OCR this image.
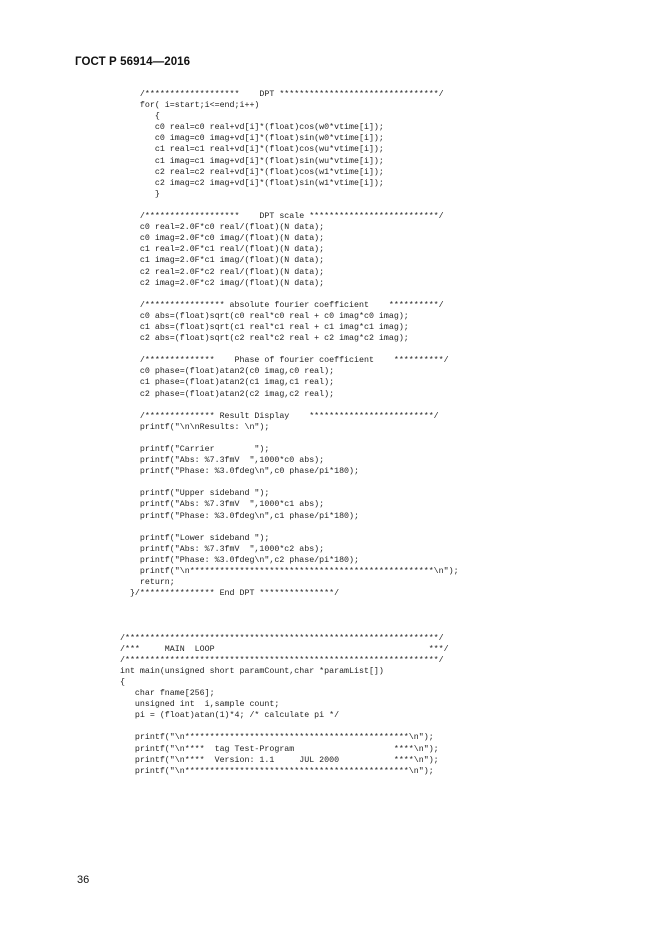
ГОСТ Р 56914—2016
/*******************    DPT ********************************/
for( i=start;i<=end;i++)
{
c0 real=c0 real+vd[i]*(float)cos(w0*vtime[i]);
c0 imag=c0 imag+vd[i]*(float)sin(w0*vtime[i]);
c1 real=c1 real+vd[i]*(float)cos(wu*vtime[i]);
c1 imag=c1 imag+vd[i]*(float)sin(wu*vtime[i]);
c2 real=c2 real+vd[i]*(float)cos(w1*vtime[i]);
c2 imag=c2 imag+vd[i]*(float)sin(w1*vtime[i]);
}
/*******************    DPT scale **************************/
c0 real=2.0F*c0 real/(float)(N data);
c0 imag=2.0F*c0 imag/(float)(N data);
c1 real=2.0F*c1 real/(float)(N data);
c1 imag=2.0F*c1 imag/(float)(N data);
c2 real=2.0F*c2 real/(float)(N data);
c2 imag=2.0F*c2 imag/(float)(N data);
/**************** absolute fourier coefficient    **********/
c0 abs=(float)sqrt(c0 real*c0 real + c0 imag*c0 imag);
c1 abs=(float)sqrt(c1 real*c1 real + c1 imag*c1 imag);
c2 abs=(float)sqrt(c2 real*c2 real + c2 imag*c2 imag);
/**************    Phase of fourier coefficient    **********/
c0 phase=(float)atan2(c0 imag,c0 real);
c1 phase=(float)atan2(c1 imag,c1 real);
c2 phase=(float)atan2(c2 imag,c2 real);
/************** Result Display    *************************/
printf("\n\nResults: \n");
printf("Carrier        ");
printf("Abs: %7.3fmV  ",1000*c0 abs);
printf("Phase: %3.0fdeg\n",c0 phase/pi*180);
printf("Upper sideband ");
printf("Abs: %7.3fmV  ",1000*c1 abs);
printf("Phase: %3.0fdeg\n",c1 phase/pi*180);
printf("Lower sideband ");
printf("Abs: %7.3fmV  ",1000*c2 abs);
printf("Phase: %3.0fdeg\n",c2 phase/pi*180);
printf("\n*************************************************\n");
return;
}/*************** End DPT ***************/
/***************************************************************/
/***     MAIN  LOOP                                           ***/
/***************************************************************/
int main(unsigned short paramCount,char *paramList[])
{
char fname[256];
unsigned int  i,sample count;
pi = (float)atan(1)*4; /* calculate pi */
printf("\n*********************************************\n");
printf("\n****  tag Test-Program                    ****\n");
printf("\n****  Version: 1.1     JUL 2000           ****\n");
printf("\n*********************************************\n");
36
